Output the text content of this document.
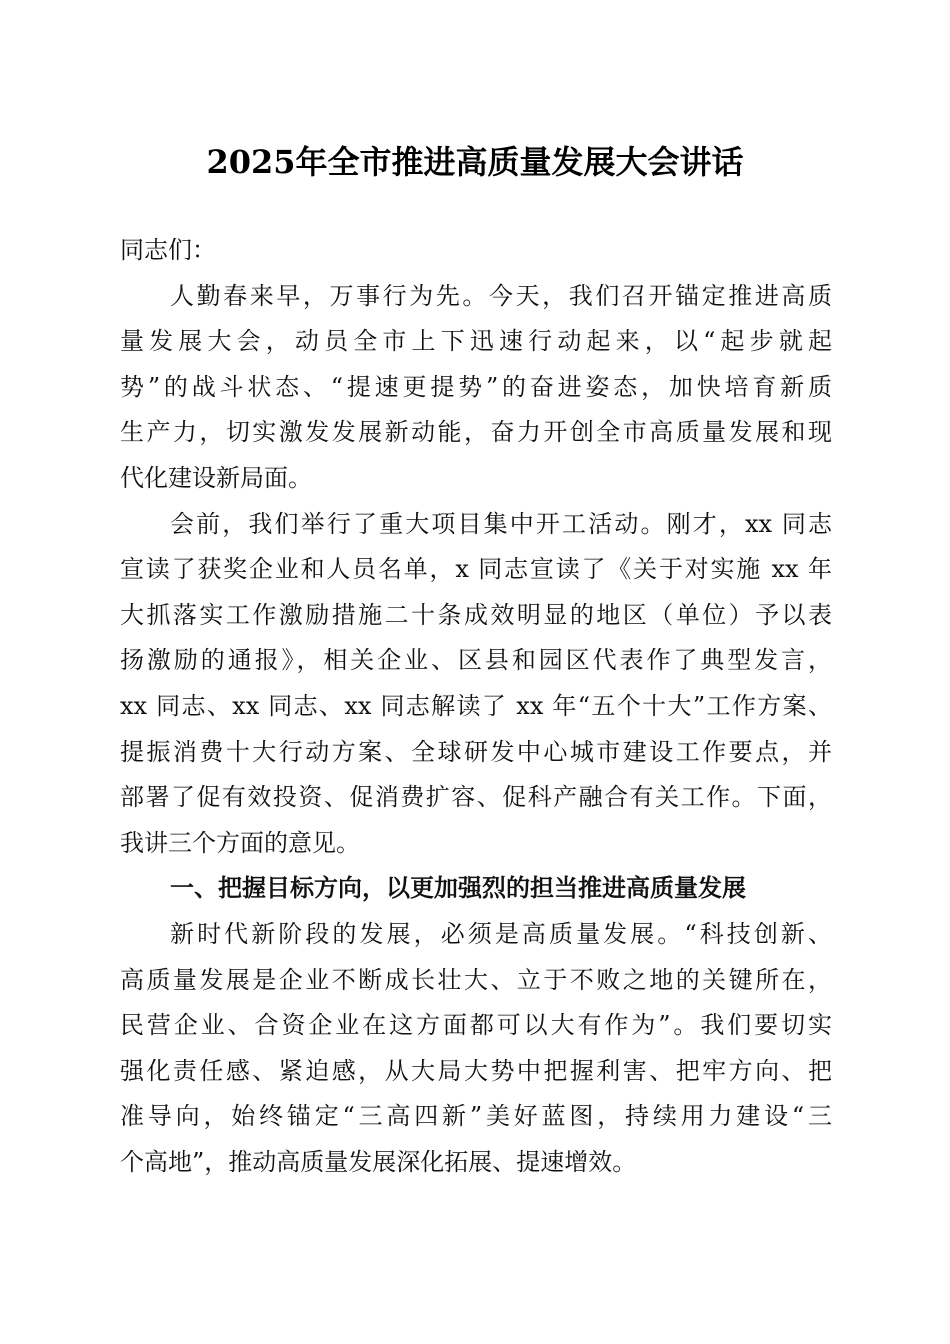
2025年全市推进高质量发展大会讲话
同志们：
人勤春来早，万事行为先。今天，我们召开锚定推进高质
量发展大会，动员全市上下迅速行动起来，以“起步就起
势”的战斗状态、“提速更提势”的奋进姿态，加快培育新质
生产力，切实激发发展新动能，奋力开创全市高质量发展和现
代化建设新局面。
会前，我们举行了重大项目集中开工活动。刚才，xx 同志
宣读了获奖企业和人员名单，x 同志宣读了《关于对实施 xx 年
大抓落实工作激励措施二十条成效明显的地区（单位）予以表
扬激励的通报》，相关企业、区县和园区代表作了典型发言，
xx 同志、xx 同志、xx 同志解读了 xx 年“五个十大”工作方案、
提振消费十大行动方案、全球研发中心城市建设工作要点，并
部署了促有效投资、促消费扩容、促科产融合有关工作。下面，
我讲三个方面的意见。
一、把握目标方向，以更加强烈的担当推进高质量发展
新时代新阶段的发展，必须是高质量发展。“科技创新、
高质量发展是企业不断成长壮大、立于不败之地的关键所在，
民营企业、合资企业在这方面都可以大有作为”。我们要切实
强化责任感、紧迫感，从大局大势中把握利害、把牢方向、把
准导向，始终锚定“三高四新”美好蓝图，持续用力建设“三
个高地”，推动高质量发展深化拓展、提速增效。
